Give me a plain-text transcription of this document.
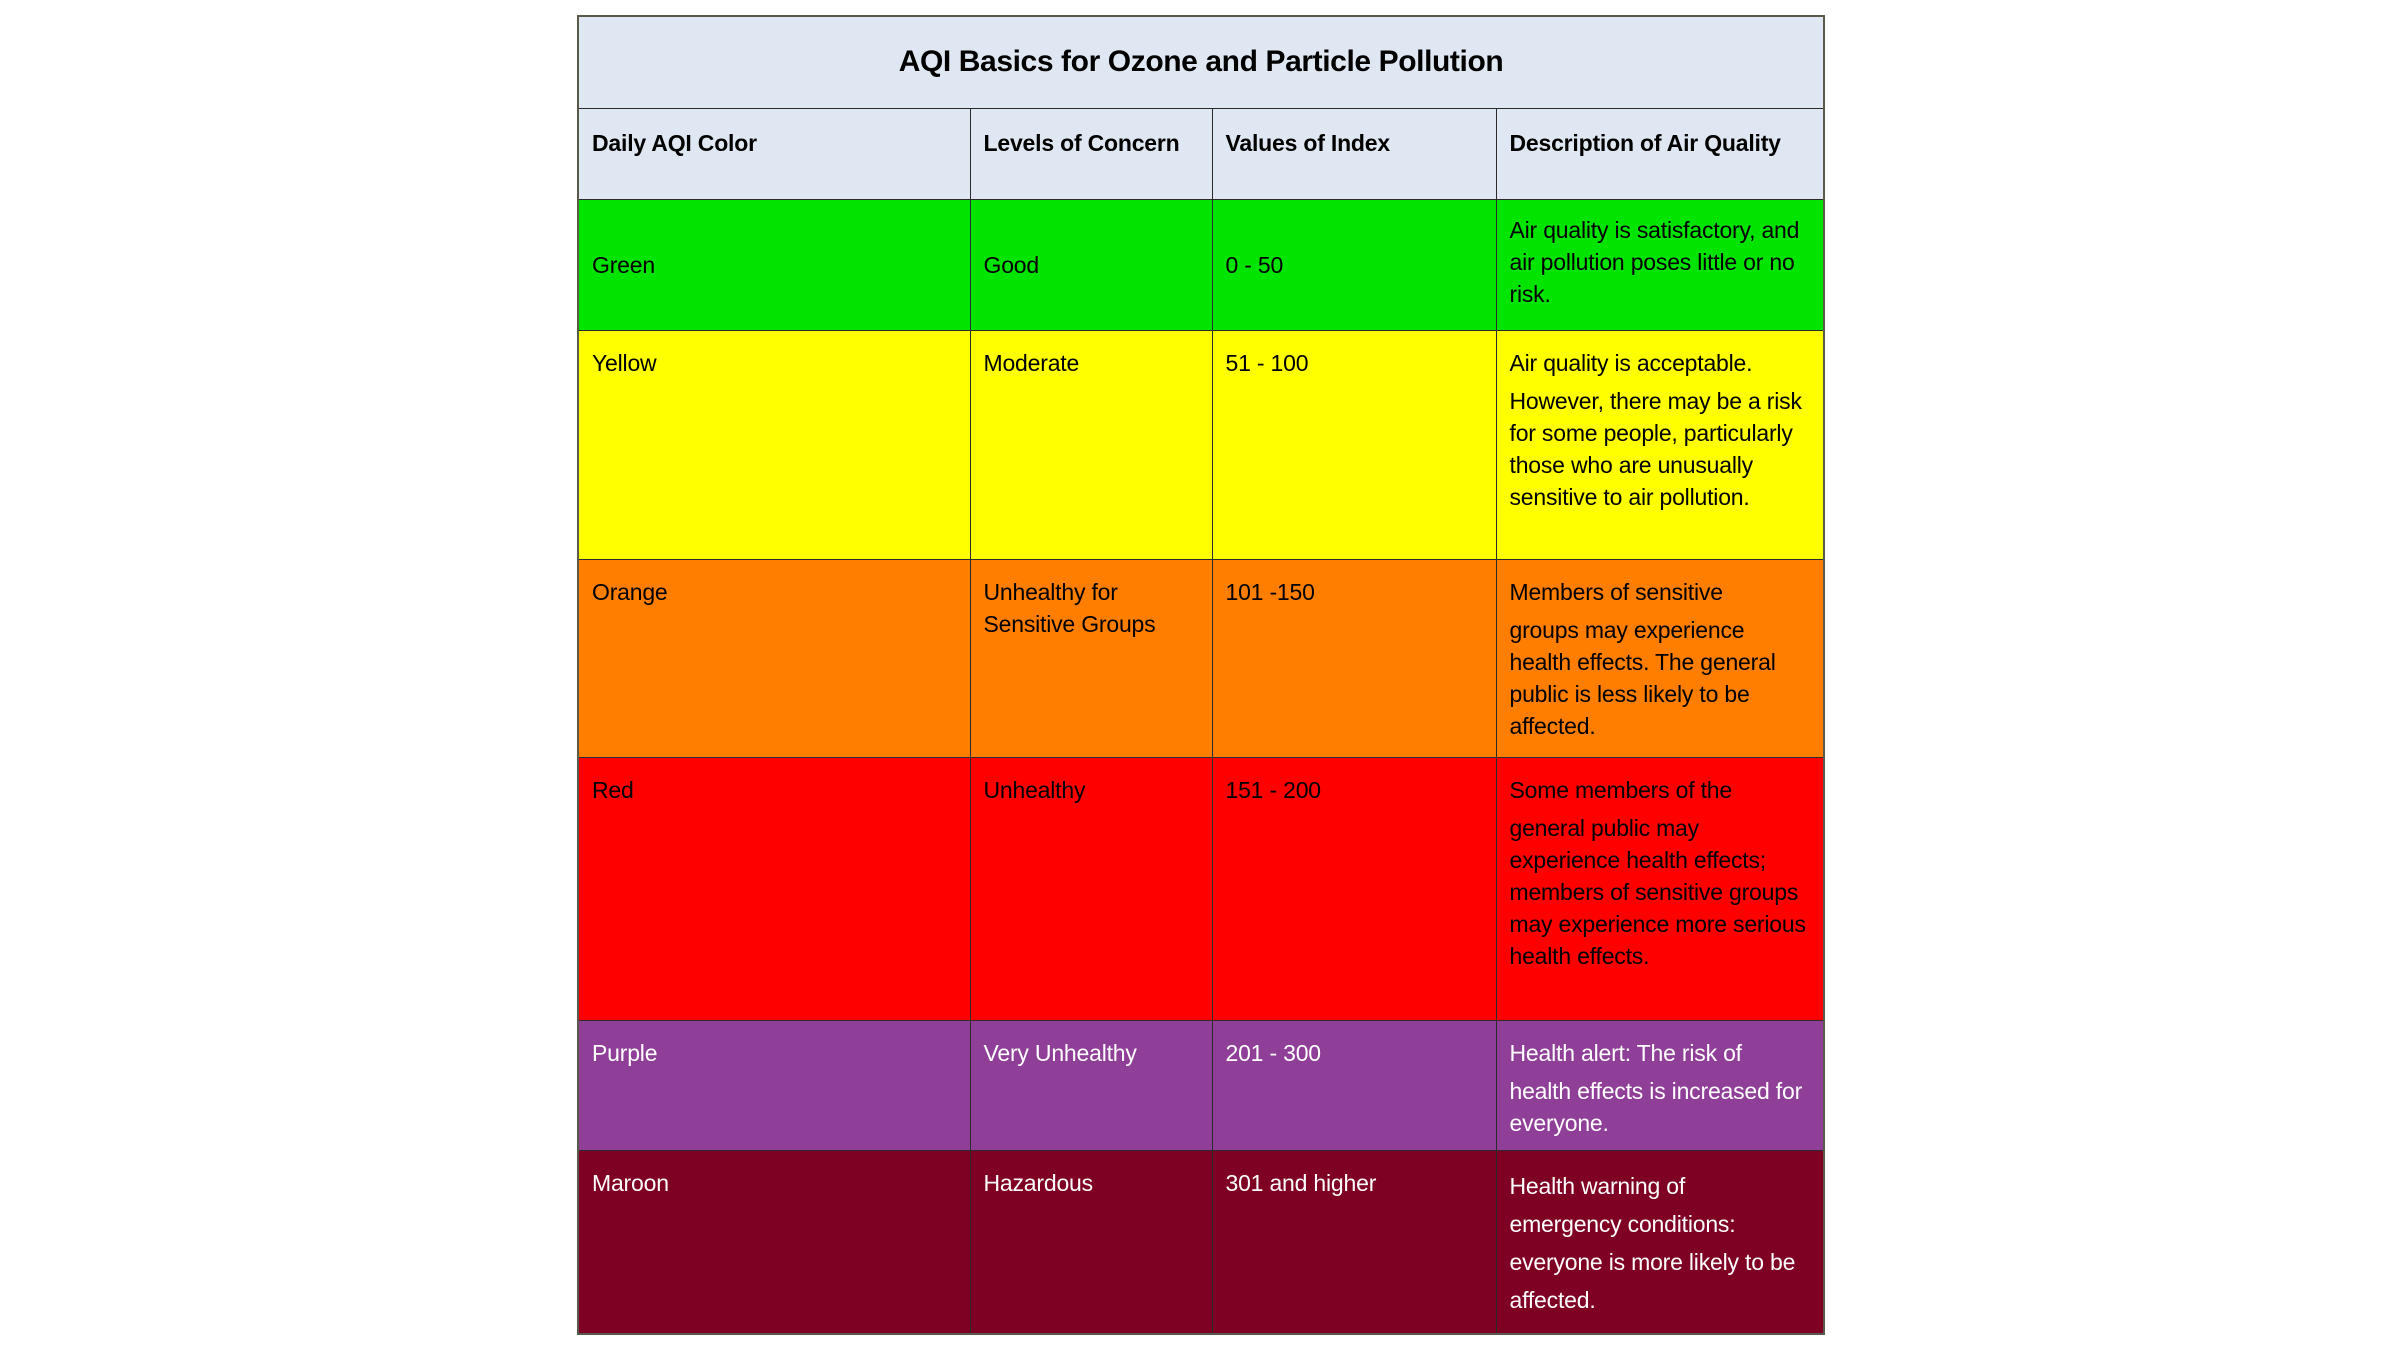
AQI Basics for Ozone and Particle Pollution			
Daily AQI Color	Levels of Concern	Values of Index	Description of Air Quality
Green	Good	0 - 50	Air quality is satisfactory, and air pollution poses little or no risk.

Yellow	Moderate	51 - 100	Air quality is acceptable.
However, there may be a risk for some people, particularly those who are unusually sensitive to air pollution.

Orange	Unhealthy for Sensitive Groups	101 -150	Members of sensitive
groups may experience health effects. The general public is less likely to be affected.

Red	Unhealthy	151 - 200	Some members of the
general public may experience health effects; members of sensitive groups may experience more serious health effects.

Purple	Very Unhealthy	201 - 300	Health alert: The risk of
health effects is increased for everyone.

Maroon	Hazardous	301 and higher	Health warning of
emergency conditions: everyone is more likely to be affected.
